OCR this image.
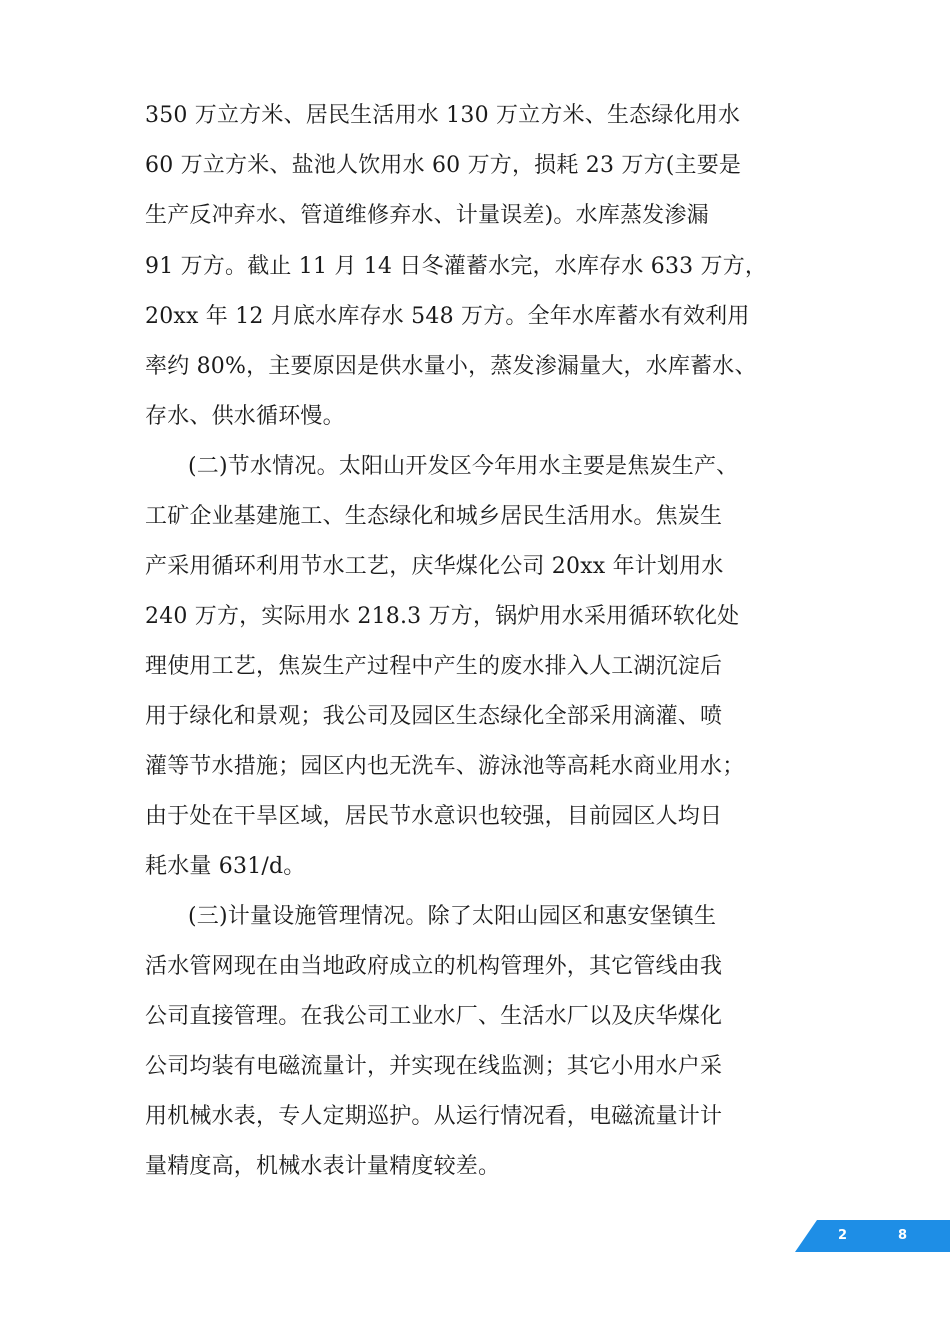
350 万立方米、居民生活用水 130 万立方米、生态绿化用水
60 万立方米、盐池人饮用水 60 万方，损耗 23 万方(主要是
生产反冲弃水、管道维修弃水、计量误差)。水库蒸发渗漏
91 万方。截止 11 月 14 日冬灌蓄水完，水库存水 633 万方，
20xx 年 12 月底水库存水 548 万方。全年水库蓄水有效利用
率约 80%，主要原因是供水量小，蒸发渗漏量大，水库蓄水、
存水、供水循环慢。
(二)节水情况。太阳山开发区今年用水主要是焦炭生产、
工矿企业基建施工、生态绿化和城乡居民生活用水。焦炭生
产采用循环利用节水工艺，庆华煤化公司 20xx 年计划用水
240 万方，实际用水 218.3 万方，锅炉用水采用循环软化处
理使用工艺，焦炭生产过程中产生的废水排入人工湖沉淀后
用于绿化和景观；我公司及园区生态绿化全部采用滴灌、喷
灌等节水措施；园区内也无洗车、游泳池等高耗水商业用水；
由于处在干旱区域，居民节水意识也较强，目前园区人均日
耗水量 631/d。
(三)计量设施管理情况。除了太阳山园区和惠安堡镇生
活水管网现在由当地政府成立的机构管理外，其它管线由我
公司直接管理。在我公司工业水厂、生活水厂以及庆华煤化
公司均装有电磁流量计，并实现在线监测；其它小用水户采
用机械水表，专人定期巡护。从运行情况看，电磁流量计计
量精度高，机械水表计量精度较差。
2	8
